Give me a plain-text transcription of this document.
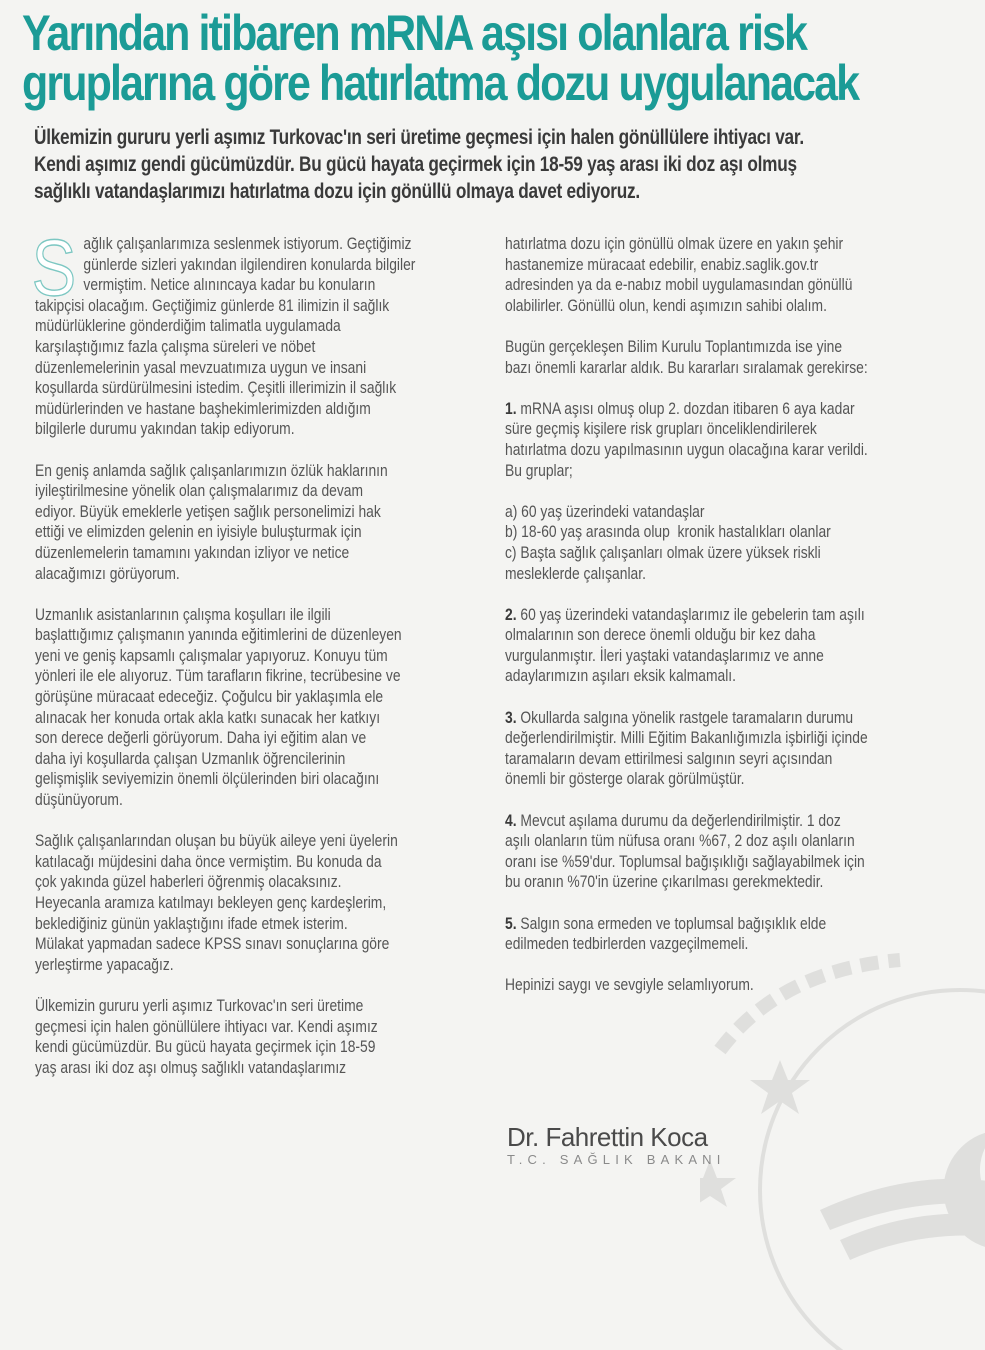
Yarından itibaren mRNA aşısı olanlara risk
gruplarına göre hatırlatma dozu uygulanacak
Ülkemizin gururu yerli aşımız Turkovac'ın seri üretime geçmesi için halen gönüllülere ihtiyacı var.
Kendi aşımız gendi gücümüzdür. Bu gücü hayata geçirmek için 18-59 yaş arası iki doz aşı olmuş
sağlıklı vatandaşlarımızı hatırlatma dozu için gönüllü olmaya davet ediyoruz.

S ağlık çalışanlarımıza seslenmek istiyorum. Geçtiğimiz
günlerde sizleri yakından ilgilendiren konularda bilgiler
vermiştim. Netice alınıncaya kadar bu konuların
takipçisi olacağım. Geçtiğimiz günlerde 81 ilimizin il sağlık
müdürlüklerine gönderdiğim talimatla uygulamada
karşılaştığımız fazla çalışma süreleri ve nöbet
düzenlemelerinin yasal mevzuatımıza uygun ve insani
koşullarda sürdürülmesini istedim. Çeşitli illerimizin il sağlık
müdürlerinden ve hastane başhekimlerimizden aldığım
bilgilerle durumu yakından takip ediyorum.

En geniş anlamda sağlık çalışanlarımızın özlük haklarının
iyileştirilmesine yönelik olan çalışmalarımız da devam
ediyor. Büyük emeklerle yetişen sağlık personelimizi hak
ettiği ve elimizden gelenin en iyisiyle buluşturmak için
düzenlemelerin tamamını yakından izliyor ve netice
alacağımızı görüyorum.

Uzmanlık asistanlarının çalışma koşulları ile ilgili
başlattığımız çalışmanın yanında eğitimlerini de düzenleyen
yeni ve geniş kapsamlı çalışmalar yapıyoruz. Konuyu tüm
yönleri ile ele alıyoruz. Tüm tarafların fikrine, tecrübesine ve
görüşüne müracaat edeceğiz. Çoğulcu bir yaklaşımla ele
alınacak her konuda ortak akla katkı sunacak her katkıyı
son derece değerli görüyorum. Daha iyi eğitim alan ve
daha iyi koşullarda çalışan Uzmanlık öğrencilerinin
gelişmişlik seviyemizin önemli ölçülerinden biri olacağını
düşünüyorum.

Sağlık çalışanlarından oluşan bu büyük aileye yeni üyelerin
katılacağı müjdesini daha önce vermiştim. Bu konuda da
çok yakında güzel haberleri öğrenmiş olacaksınız.
Heyecanla aramıza katılmayı bekleyen genç kardeşlerim,
beklediğiniz günün yaklaştığını ifade etmek isterim.
Mülakat yapmadan sadece KPSS sınavı sonuçlarına göre
yerleştirme yapacağız.

Ülkemizin gururu yerli aşımız Turkovac'ın seri üretime
geçmesi için halen gönüllülere ihtiyacı var. Kendi aşımız
kendi gücümüzdür. Bu gücü hayata geçirmek için 18-59
yaş arası iki doz aşı olmuş sağlıklı vatandaşlarımız

hatırlatma dozu için gönüllü olmak üzere en yakın şehir
hastanemize müracaat edebilir, enabiz.saglik.gov.tr
adresinden ya da e-nabız mobil uygulamasından gönüllü
olabilirler. Gönüllü olun, kendi aşımızın sahibi olalım.

Bugün gerçekleşen Bilim Kurulu Toplantımızda ise yine
bazı önemli kararlar aldık. Bu kararları sıralamak gerekirse:

1. mRNA aşısı olmuş olup 2. dozdan itibaren 6 aya kadar
süre geçmiş kişilere risk grupları önceliklendirilerek
hatırlatma dozu yapılmasının uygun olacağına karar verildi.
Bu gruplar;

a) 60 yaş üzerindeki vatandaşlar
b) 18-60 yaş arasında olup  kronik hastalıkları olanlar
c) Başta sağlık çalışanları olmak üzere yüksek riskli
mesleklerde çalışanlar.

2. 60 yaş üzerindeki vatandaşlarımız ile gebelerin tam aşılı
olmalarının son derece önemli olduğu bir kez daha
vurgulanmıştır. İleri yaştaki vatandaşlarımız ve anne
adaylarımızın aşıları eksik kalmamalı.

3. Okullarda salgına yönelik rastgele taramaların durumu
değerlendirilmiştir. Milli Eğitim Bakanlığımızla işbirliği içinde
taramaların devam ettirilmesi salgının seyri açısından
önemli bir gösterge olarak görülmüştür.

4. Mevcut aşılama durumu da değerlendirilmiştir. 1 doz
aşılı olanların tüm nüfusa oranı %67, 2 doz aşılı olanların
oranı ise %59'dur. Toplumsal bağışıklığı sağlayabilmek için
bu oranın %70'in üzerine çıkarılması gerekmektedir.

5. Salgın sona ermeden ve toplumsal bağışıklık elde
edilmeden tedbirlerden vazgeçilmemeli.

Hepinizi saygı ve sevgiyle selamlıyorum.

Dr. Fahrettin Koca
T.C. SAĞLIK BAKANI
